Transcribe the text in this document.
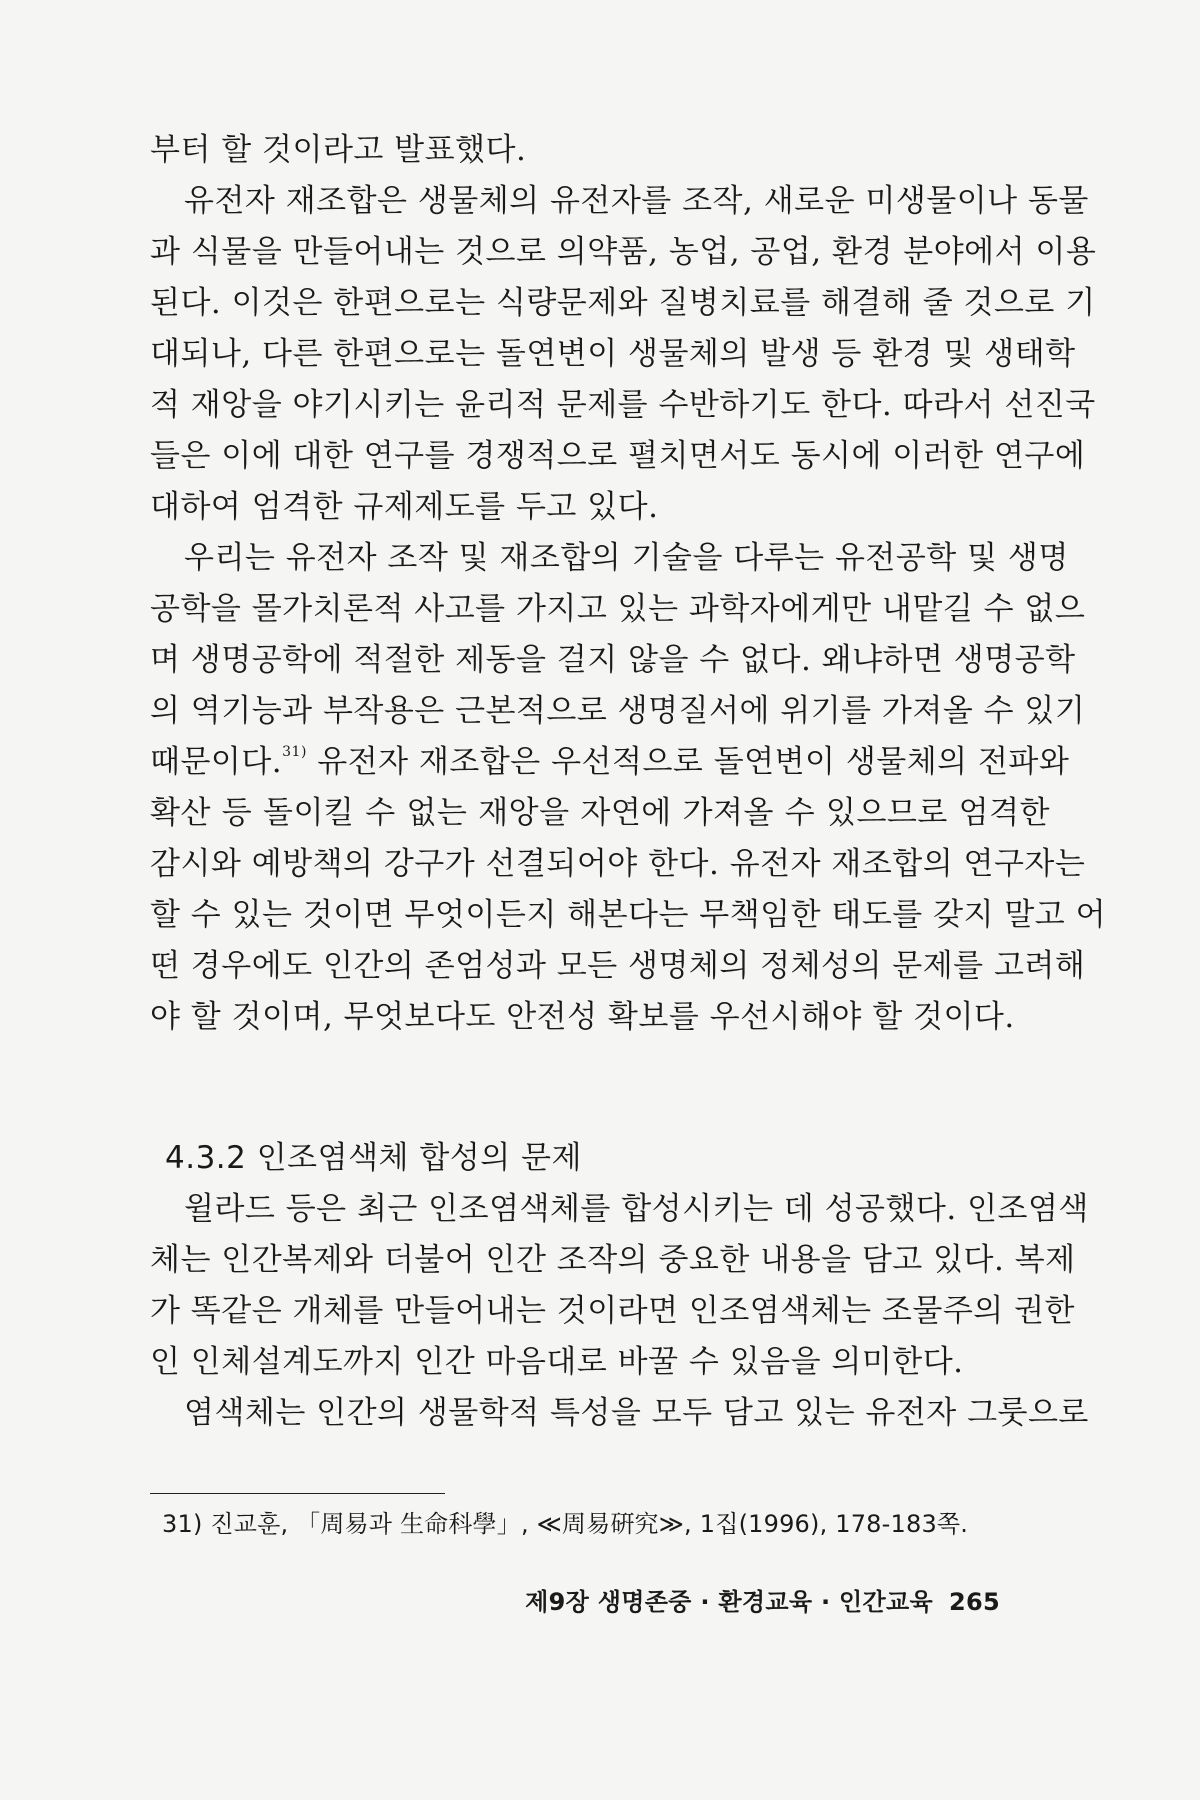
부터 할 것이라고 발표했다.

유전자 재조합은 생물체의 유전자를 조작, 새로운 미생물이나 동물

과 식물을 만들어내는 것으로 의약품, 농업, 공업, 환경 분야에서 이용

된다. 이것은 한편으로는 식량문제와 질병치료를 해결해 줄 것으로 기

대되나, 다른 한편으로는 돌연변이 생물체의 발생 등 환경 및 생태학

적 재앙을 야기시키는 윤리적 문제를 수반하기도 한다. 따라서 선진국

들은 이에 대한 연구를 경쟁적으로 펼치면서도 동시에 이러한 연구에

대하여 엄격한 규제제도를 두고 있다.

우리는 유전자 조작 및 재조합의 기술을 다루는 유전공학 및 생명

공학을 몰가치론적 사고를 가지고 있는 과학자에게만 내맡길 수 없으

며 생명공학에 적절한 제동을 걸지 않을 수 없다. 왜냐하면 생명공학

의 역기능과 부작용은 근본적으로 생명질서에 위기를 가져올 수 있기

때문이다.$^{31)}$ 유전자 재조합은 우선적으로 돌연변이 생물체의 전파와

확산 등 돌이킬 수 없는 재앙을 자연에 가져올 수 있으므로 엄격한

감시와 예방책의 강구가 선결되어야 한다. 유전자 재조합의 연구자는

할 수 있는 것이면 무엇이든지 해본다는 무책임한 태도를 갖지 말고 어

떤 경우에도 인간의 존엄성과 모든 생명체의 정체성의 문제를 고려해

야 할 것이며, 무엇보다도 안전성 확보를 우선시해야 할 것이다.

4.3.2 인조염색체 합성의 문제

윌라드 등은 최근 인조염색체를 합성시키는 데 성공했다. 인조염색

체는 인간복제와 더불어 인간 조작의 중요한 내용을 담고 있다. 복제

가 똑같은 개체를 만들어내는 것이라면 인조염색체는 조물주의 권한

인 인체설계도까지 인간 마음대로 바꿀 수 있음을 의미한다.

염색체는 인간의 생물학적 특성을 모두 담고 있는 유전자 그룻으로

31) 진교훈, 「周易과 生命科學」, ≪周易硏究≫, 1집(1996), 178-183쪽.
제9장 생명존중 · 환경교육 · 인간교육 265
